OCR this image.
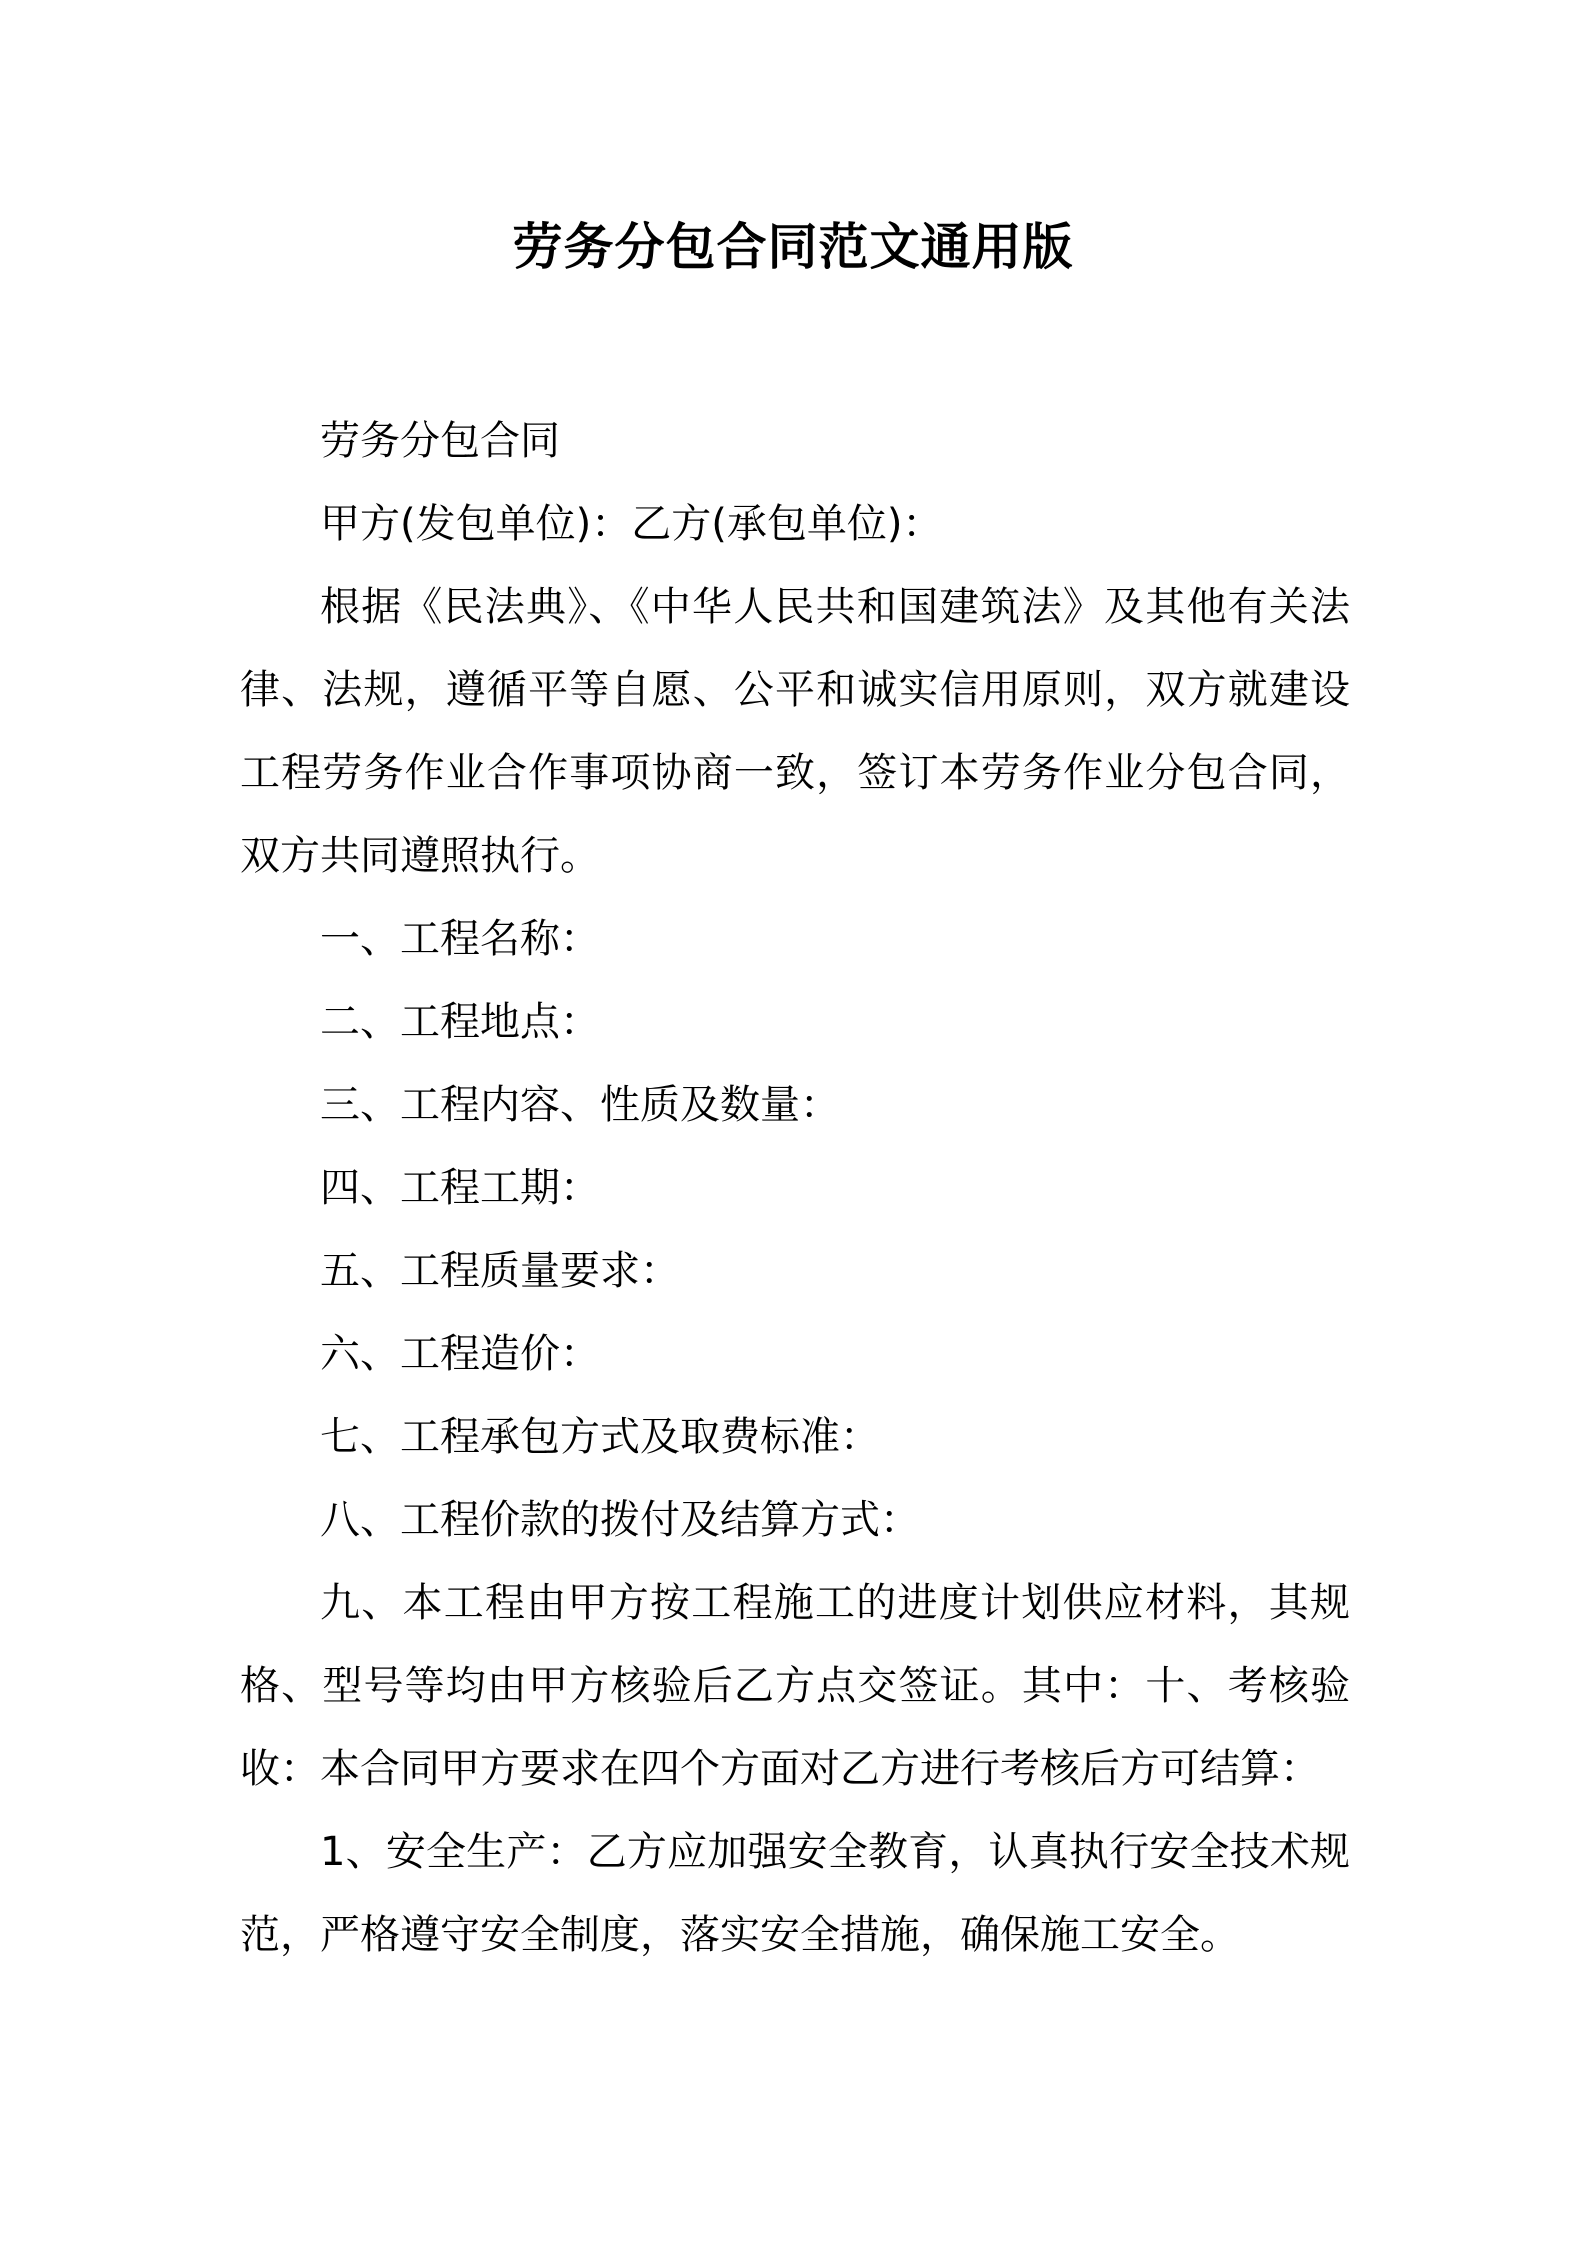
劳务分包合同范文通用版

劳务分包合同

甲方(发包单位)：乙方(承包单位)：

根据《民法典》、《中华人民共和国建筑法》及其他有关法律、法规，遵循平等自愿、公平和诚实信用原则，双方就建设工程劳务作业合作事项协商一致，签订本劳务作业分包合同，双方共同遵照执行。

一、工程名称：

二、工程地点：

三、工程内容、性质及数量：

四、工程工期：

五、工程质量要求：

六、工程造价：

七、工程承包方式及取费标准：

八、工程价款的拨付及结算方式：

九、本工程由甲方按工程施工的进度计划供应材料，其规格、型号等均由甲方核验后乙方点交签证。其中：十、考核验收：本合同甲方要求在四个方面对乙方进行考核后方可结算：

1、安全生产：乙方应加强安全教育，认真执行安全技术规范，严格遵守安全制度，落实安全措施，确保施工安全。
